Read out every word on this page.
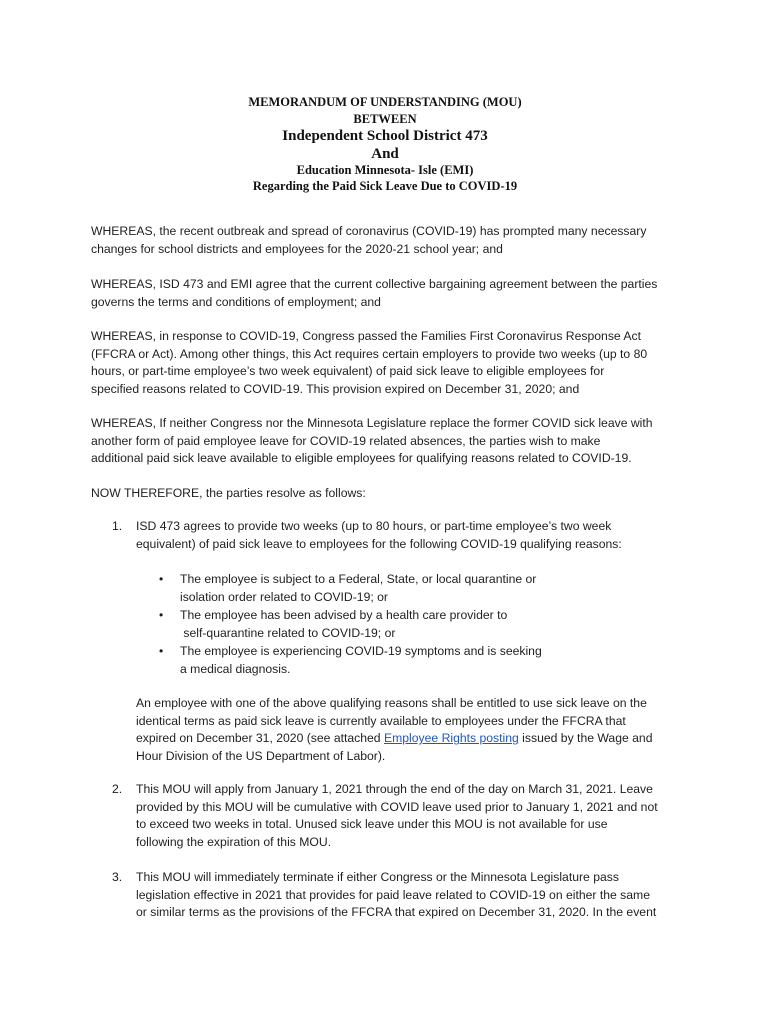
MEMORANDUM OF UNDERSTANDING (MOU)
BETWEEN
Independent School District 473
And
Education Minnesota- Isle (EMI)
Regarding the Paid Sick Leave Due to COVID-19
WHEREAS, the recent outbreak and spread of coronavirus (COVID-19) has prompted many necessary
changes for school districts and employees for the 2020-21 school year; and
WHEREAS, ISD 473 and EMI agree that the current collective bargaining agreement between the parties
governs the terms and conditions of employment; and
WHEREAS, in response to COVID-19, Congress passed the Families First Coronavirus Response Act
(FFCRA or Act). Among other things, this Act requires certain employers to provide two weeks (up to 80
hours, or part-time employee’s two week equivalent) of paid sick leave to eligible employees for
specified reasons related to COVID-19. This provision expired on December 31, 2020; and
WHEREAS, If neither Congress nor the Minnesota Legislature replace the former COVID sick leave with
another form of paid employee leave for COVID-19 related absences, the parties wish to make
additional paid sick leave available to eligible employees for qualifying reasons related to COVID-19.
NOW THEREFORE, the parties resolve as follows:
1. ISD 473 agrees to provide two weeks (up to 80 hours, or part-time employee’s two week
equivalent) of paid sick leave to employees for the following COVID-19 qualifying reasons:
• The employee is subject to a Federal, State, or local quarantine or
isolation order related to COVID-19; or
• The employee has been advised by a health care provider to
self-quarantine related to COVID-19; or
• The employee is experiencing COVID-19 symptoms and is seeking
a medical diagnosis.
An employee with one of the above qualifying reasons shall be entitled to use sick leave on the
identical terms as paid sick leave is currently available to employees under the FFCRA that
expired on December 31, 2020 (see attached Employee Rights posting issued by the Wage and
Hour Division of the US Department of Labor).
2. This MOU will apply from January 1, 2021 through the end of the day on March 31, 2021. Leave
provided by this MOU will be cumulative with COVID leave used prior to January 1, 2021 and not
to exceed two weeks in total. Unused sick leave under this MOU is not available for use
following the expiration of this MOU.
3. This MOU will immediately terminate if either Congress or the Minnesota Legislature pass
legislation effective in 2021 that provides for paid leave related to COVID-19 on either the same
or similar terms as the provisions of the FFCRA that expired on December 31, 2020. In the event
